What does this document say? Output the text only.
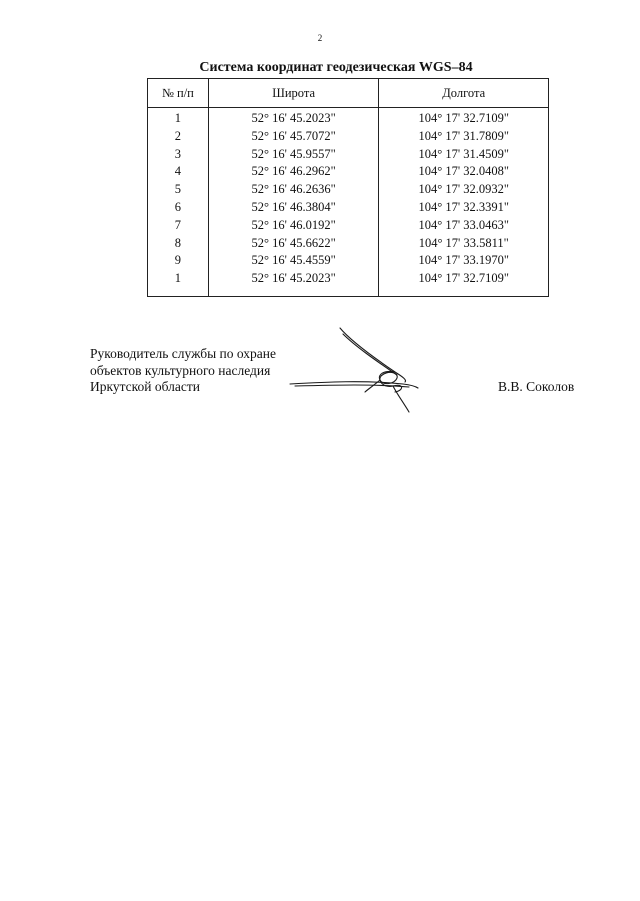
2
Система координат геодезическая WGS–84
№ п/п	Широта	Долгота
1	52° 16' 45.2023"	104° 17' 32.7109"
2	52° 16' 45.7072"	104° 17' 31.7809"
3	52° 16' 45.9557"	104° 17' 31.4509"
4	52° 16' 46.2962"	104° 17' 32.0408"
5	52° 16' 46.2636"	104° 17' 32.0932"
6	52° 16' 46.3804"	104° 17' 32.3391"
7	52° 16' 46.0192"	104° 17' 33.0463"
8	52° 16' 45.6622"	104° 17' 33.5811"
9	52° 16' 45.4559"	104° 17' 33.1970"
1	52° 16' 45.2023"	104° 17' 32.7109"
Руководитель службы по охране
объектов культурного наследия
Иркутской области	В.В. Соколов
